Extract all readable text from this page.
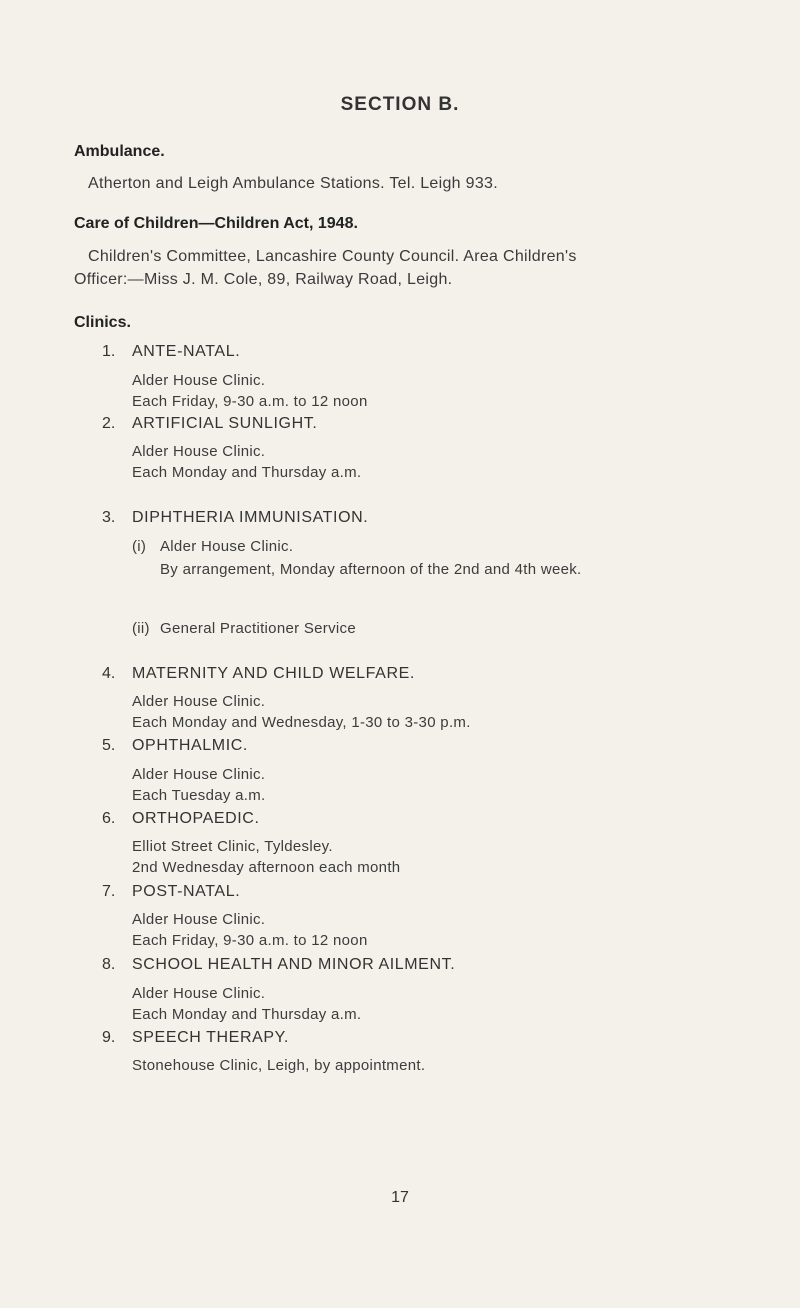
SECTION B.
Ambulance.
Atherton and Leigh Ambulance Stations. Tel. Leigh 933.
Care of Children—Children Act, 1948.
Children's Committee, Lancashire County Council. Area Children's
Officer:—Miss J. M. Cole, 89, Railway Road, Leigh.
Clinics.
1. ANTE-NATAL.
Alder House Clinic.
Each Friday, 9-30 a.m. to 12 noon
2. ARTIFICIAL SUNLIGHT.
Alder House Clinic.
Each Monday and Thursday a.m.
3. DIPHTHERIA IMMUNISATION.
(i) Alder House Clinic.
By arrangement, Monday afternoon of the 2nd and 4th week.
(ii) General Practitioner Service
4. MATERNITY AND CHILD WELFARE.
Alder House Clinic.
Each Monday and Wednesday, 1-30 to 3-30 p.m.
5. OPHTHALMIC.
Alder House Clinic.
Each Tuesday a.m.
6. ORTHOPAEDIC.
Elliot Street Clinic, Tyldesley.
2nd Wednesday afternoon each month
7. POST-NATAL.
Alder House Clinic.
Each Friday, 9-30 a.m. to 12 noon
8. SCHOOL HEALTH AND MINOR AILMENT.
Alder House Clinic.
Each Monday and Thursday a.m.
9. SPEECH THERAPY.
Stonehouse Clinic, Leigh, by appointment.
17
